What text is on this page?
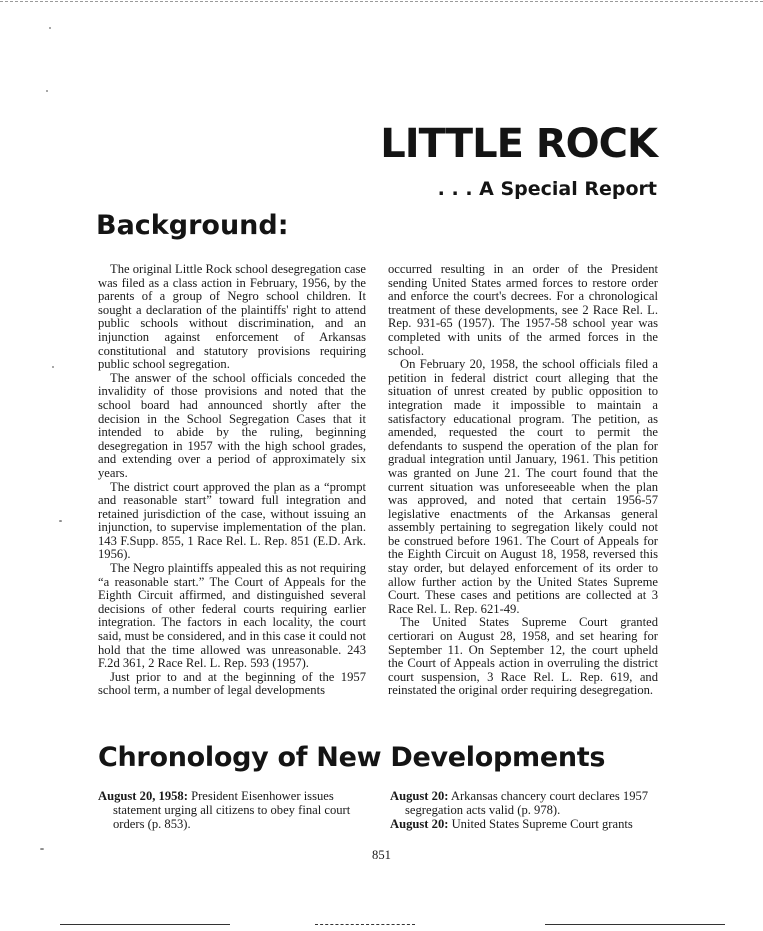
LITTLE ROCK
. . . A Special Report
Background:

The original Little Rock school desegregation case was filed as a class action in February, 1956, by the parents of a group of Negro school children. It sought a declaration of the plaintiffs' right to attend public schools without discrimination, and an injunction against enforcement of Arkansas constitutional and statutory provisions requiring public school segregation.

The answer of the school officials conceded the invalidity of those provisions and noted that the school board had announced shortly after the decision in the School Segregation Cases that it intended to abide by the ruling, beginning desegregation in 1957 with the high school grades, and extending over a period of approximately six years.

The district court approved the plan as a “prompt and reasonable start” toward full integration and retained jurisdiction of the case, without issuing an injunction, to supervise implementation of the plan. 143 F.Supp. 855, 1 Race Rel. L. Rep. 851 (E.D. Ark. 1956).

The Negro plaintiffs appealed this as not requiring “a reasonable start.” The Court of Appeals for the Eighth Circuit affirmed, and distinguished several decisions of other federal courts requiring earlier integration. The factors in each locality, the court said, must be considered, and in this case it could not hold that the time allowed was unreasonable. 243 F.2d 361, 2 Race Rel. L. Rep. 593 (1957).

Just prior to and at the beginning of the 1957 school term, a number of legal developments

occurred resulting in an order of the President sending United States armed forces to restore order and enforce the court's decrees. For a chronological treatment of these developments, see 2 Race Rel. L. Rep. 931-65 (1957). The 1957-58 school year was completed with units of the armed forces in the school.

On February 20, 1958, the school officials filed a petition in federal district court alleging that the situation of unrest created by public opposition to integration made it impossible to maintain a satisfactory educational program. The petition, as amended, requested the court to permit the defendants to suspend the operation of the plan for gradual integration until January, 1961. This petition was granted on June 21. The court found that the current situation was unforeseeable when the plan was approved, and noted that certain 1956-57 legislative enactments of the Arkansas general assembly pertaining to segregation likely could not be construed before 1961. The Court of Appeals for the Eighth Circuit on August 18, 1958, reversed this stay order, but delayed enforcement of its order to allow further action by the United States Supreme Court. These cases and petitions are collected at 3 Race Rel. L. Rep. 621-49.

The United States Supreme Court granted certiorari on August 28, 1958, and set hearing for September 11. On September 12, the court upheld the Court of Appeals action in overruling the district court suspension, 3 Race Rel. L. Rep. 619, and reinstated the original order requiring desegregation.

Chronology of New Developments

August 20, 1958: President Eisenhower issues statement urging all citizens to obey final court orders (p. 853).

August 20: Arkansas chancery court declares 1957 segregation acts valid (p. 978).

August 20: United States Supreme Court grants

851
